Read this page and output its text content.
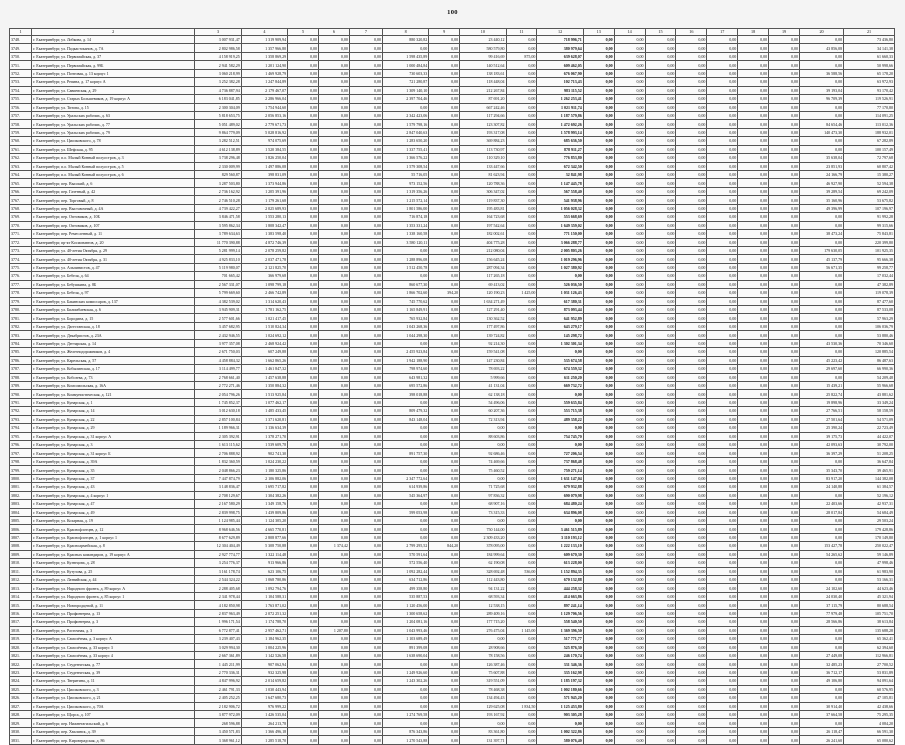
100
1	2	3	4	5	6	7	8	9	10	11	12	13	14	15	16	17	18	19	20	21
3748.	г. Екатеринбург, ул. Лобкова, д. 14	3 007 931,47	1 319 909,94	0,00	0,00	0,00	880 320,82	0,00	23 440,12	0,00	718 996,71	0,00	0,00	0,00	0,00	0,00	0,00	0,00	0,00	73 436,80
3749.	г. Екатеринбург, ул. Подкастоканов, д. 7А	2 802 986,58	1 357 966,80	0,00	0,00	0,00	0,00	0,00	580 579,80	0,00	380 979,64	0,00	0,00	0,00	0,00	0,00	0,00	0,00	43 856,08	34 141,38
3750.	г. Екатеринбург, ул. Первомайская, д. 37	4 158 919,25	1 358 869,29	0,00	0,00	0,00	1 598 435,89	0,00	99 416,69	875,00	639 628,07	0,00	0,00	0,00	0,00	0,00	0,00	0,00	0,00	61 660,33
3751.	г. Екатеринбург, ул. Первомайская, д. 99Б	2 941 582,29	1 201 124,90	0,00	0,00	0,00	1 000 484,84	0,00	140 512,64	0,00	609 462,05	0,00	0,00	0,00	0,00	0,00	0,00	0,00	0,00	50 998,66
3752.	г. Екатеринбург, ул. Почтовая, д. 13 корпус 1	3 060 218,99	1 469 928,79	0,00	0,00	0,00	730 603,33	0,00	138 183,61	0,00	676 067,90	0,00	0,00	0,00	0,00	0,00	0,00	0,00	36 588,56	65 178,20
3753.	г. Екатеринбург, ул. Репина, д. 17 корпус А	3 252 382,28	1 247 844,89	0,00	0,00	0,00	721 280,87	0,00	118 448,04	0,00	102 713,43	0,00	0,00	0,00	0,00	0,00	0,00	0,00	0,00	63 972,93
3754.	г. Екатеринбург, ул. Савиевская, д. 29	4 736 887,94	2 179 467,07	0,00	0,00	0,00	1 309 140,10	0,00	212 267,84	0,00	983 115,52	0,00	0,00	0,00	0,00	0,00	0,00	0,00	39 193,04	93 170,42
3755.	г. Екатеринбург, ул. Старых Большевиков, д. 19 корпус А	6 183 041,85	2 286 966,04	0,00	0,00	0,00	2 397 704,46	0,00	87 691,20	0,00	1 262 253,41	0,00	0,00	0,00	0,00	0,00	0,00	0,00	96 709,39	119 526,91
3756.	г. Екатеринбург, ул. Титова, д. 15	2 300 304,09	1 754 944,60	0,00	0,00	0,00	0,00	0,00	667 242,46	0,00	1 021 911,74	0,00	0,00	0,00	0,00	0,00	0,00	0,00	0,00	77 170,80
3757.	г. Екатеринбург, ул. Уральских рабочих, д. 63	5 818 653,75	2 056 853,16	0,00	0,00	0,00	2 342 423,06	0,00	117 294,66	0,00	1 187 579,86	0,00	0,00	0,00	0,00	0,00	0,00	0,00	0,00	114 091,25
3758.	г. Екатеринбург, ул. Уральских рабочих, д. 77	5 051 489,02	2 779 671,73	0,00	0,00	0,00	1 579 798,16	0,00	123 307,82	0,00	1 472 692,26	0,00	0,00	0,00	0,00	0,00	0,00	0,00	84 654,46	113 012,36
3759.	г. Екатеринбург, ул. Уральских рабочих, д. 79	9 864 779,09	5 028 816,92	0,00	0,00	0,00	2 847 040,63	0,00	193 317,08	0,00	1 578 993,14	0,00	0,00	0,00	0,00	0,00	0,00	0,00	140 473,30	188 932,01
3760.	г. Екатеринбург, ул. Циолковского, д. 78	3 282 512,51	974 075,69	0,00	0,00	0,00	1 283 650,20	0,00	369 884,23	0,00	685 636,50	0,00	0,00	0,00	0,00	0,00	0,00	0,00	0,00	67 282,89
3761.	г. Екатеринбург, ул. Шефская, д. 95	4 612 138,89	1 520 384,55	0,00	0,00	0,00	1 337 755,41	0,00	113 730,97	0,00	878 911,27	0,00	0,00	0,00	0,00	0,00	0,00	0,00	0,00	100 157,49
3762.	г. Екатеринбург, п.о. Малый Конный полуостров, д. 3	3 738 296,48	1 826 250,04	0,00	0,00	0,00	1 366 576,22	0,00	110 329,10	0,00	776 853,80	0,00	0,00	0,00	0,00	0,00	0,00	0,00	35 638,04	72 797,68
3763.	г. Екатеринбург, п.о. Малый Конный полуостров, д. 5	2 330 009,99	1 497 886,08	0,00	0,00	0,00	1 579 308,54	0,00	133 447,66	0,00	672 342,50	0,00	0,00	0,00	0,00	0,00	0,00	0,00	23 851,93	60 807,42
3764.	г. Екатеринбург, п.о. Малый Конный полуостров, д. 6	829 560,87	398 831,09	0,00	0,00	0,00	55 716,05	0,00	81 623,94	0,00	32 841,98	0,00	0,00	0,00	0,00	0,00	0,00	0,00	24 166,79	15 380,27
3765.	г. Екатеринбург, пер. Высокий, д. 6	3 287 503,80	1 373 944,86	0,00	0,00	0,00	973 152,56	0,00	120 788,36	0,00	1 147 445,78	0,00	0,00	0,00	0,00	0,00	0,00	0,00	46 927,90	52 594,38
3766.	г. Екатеринбург, пер. Газетный, д. 42	2 736 162,92	1 205 391,96	0,00	0,00	0,00	1 319 356,26	0,00	306 347,02	0,00	567 558,40	0,00	0,00	0,00	0,00	0,00	0,00	0,00	39 289,54	69 242,09
3767.	г. Екатеринбург, пер. Торговый, д. 8	2 746 510,28	1 179 261,68	0,00	0,00	0,00	1 215 572,14	0,00	119 837,30	0,00	541 938,96	0,00	0,00	0,00	0,00	0,00	0,00	0,00	35 160,96	53 675,82
3768.	г. Екатеринбург, пер. Выставочный, д. 4А	4 739 422,27	2 025 689,93	0,00	0,00	0,00	1 801 586,00	0,00	195 483,81	0,00	1 056 028,32	0,00	0,00	0,00	0,00	0,00	0,00	0,00	49 396,99	107 196,97
3769.	г. Екатеринбург, пер. Оптовиков, д. 10Б	3 846 471,58	1 553 280,13	0,00	0,00	0,00	716 874,18	0,00	164 723,68	0,00	553 668,69	0,00	0,00	0,00	0,00	0,00	0,00	0,00	0,00	91 992,28
3770.	г. Екатеринбург, пер. Оптовиков, д. 107	3 595 862,34	1 808 342,47	0,00	0,00	0,00	1 353 331,24	0,00	197 542,64	0,00	1 649 359,02	0,00	0,00	0,00	0,00	0,00	0,00	0,00	0,00	99 315,66
3771.	г. Екатеринбург, пер. Ремесленный, д. 11	3 789 634,63	1 383 598,40	0,00	0,00	0,00	1 338 160,58	0,00	182 002,61	0,00	771 150,00	0,00	0,00	0,00	0,00	0,00	0,00	0,00	38 473,24	75 843,81
3772.	г. Екатеринбург, пр-кт Космонавтов, д. 20	11 770 390,88	4 872 746,39	0,00	0,00	0,00	3 580 120,11	0,00	404 775,28	0,00	3 066 288,77	0,00	0,00	0,00	0,00	0,00	0,00	0,00	0,00	220 399,80
3773.	г. Екатеринбург, ул. 40-летия Октября, д. 29	5 281 999,14	2 078 259,82	0,00	0,00	0,00	0,00	0,00	212 080,04	0,00	2 005 803,26	0,00	0,00	0,00	0,00	0,00	0,00	0,00	179 630,05	101 925,35
3774.	г. Екатеринбург, ул. 40-летия Октября, д. 31	4 925 833,10	2 037 471,78	0,00	0,00	0,00	1 288 896,08	0,00	156 645,24	0,00	1 019 296,96	0,00	0,00	0,00	0,00	0,00	0,00	0,00	45 137,79	95 666,38
3775.	г. Екатеринбург, ул. Альпинистов, д. 47	5 119 980,07	2 121 825,70	0,00	0,00	0,00	1 512 450,78	0,00	287 094,34	0,00	1 027 380,92	0,00	0,00	0,00	0,00	0,00	0,00	0,00	56 671,35	99 258,77
3776.	г. Екатеринбург, ул. Бебеля, д. 64	701 665,42	366 979,68	0,00	0,00	0,00	0,00	0,00	117 265,18	0,00	0,00	0,00	0,00	0,00	0,00	0,00	0,00	0,00	0,00	17 032,44
3777.	г. Екатеринбург, ул. Бебушкина, д. 8Б	2 567 331,07	1 098 799,18	0,00	0,00	0,00	860 677,30	0,00	69 413,02	0,00	526 036,50	0,00	0,00	0,00	0,00	0,00	0,00	0,00	0,00	47 382,89
3778.	г. Екатеринбург, ул. Бебеля, д. 97	5 799 669,60	2 466 742,89	0,00	0,00	0,00	1 866 702,60	394,20	120 190,23	1 425,00	1 031 126,43	0,00	0,00	0,00	0,00	0,00	0,00	0,00	0,00	119 078,39
3779.	г. Екатеринбург, ул. Бакинских комиссаров, д. 137	4 382 539,02	1 314 620,43	0,00	0,00	0,00	745 770,62	0,00	1 634 271,49	0,00	617 380,31	0,00	0,00	0,00	0,00	0,00	0,00	0,00	0,00	87 477,60
3780.	г. Екатеринбург, ул. Билимбаевская, д. 6	3 945 909,31	1 781 162,75	0,00	0,00	0,00	1 165 849,91	0,00	127 291,40	0,00	873 093,44	0,00	0,00	0,00	0,00	0,00	0,00	0,00	0,00	87 533,08
3781.	г. Екатеринбург, ул. Бородина, д. 15	2 577 601,66	1 021 417,45	0,00	0,00	0,00	765 932,84	0,00	130 362,52	0,00	641 952,89	0,00	0,00	0,00	0,00	0,00	0,00	0,00	0,00	57 963,29
3782.	г. Екатеринбург, ул. Дагестанская, д. 18	3 457 682,95	1 510 824,34	0,00	0,00	0,00	1 043 268,36	0,00	177 497,86	0,00	643 279,17	0,00	0,00	0,00	0,00	0,00	0,00	0,00	0,00	106 036,79
3783.	г. Екатеринбург, ул. Декабристов, д. 23А	2 432 946,55	1 024 692,12	0,00	0,00	0,00	1 044 298,30	0,00	139 724,82	0,00	145 298,72	0,00	0,00	0,00	0,00	0,00	0,00	0,00	0,00	53 880,46
3784.	г. Екатеринбург, ул. Дегтярская, д. 14	3 977 357,08	2 468 924,42	0,00	0,00	0,00	0,00	0,00	92 214,30	0,00	1 302 301,34	0,00	0,00	0,00	0,00	0,00	0,00	0,00	43 530,36	70 346,60
3785.	г. Екатеринбург, ул. Железнодорожников, д. 4	2 671 750,03	607 249,88	0,00	0,00	0,00	2 455 923,84	0,00	159 541,08	0,00	0,00	0,00	0,00	0,00	0,00	0,00	0,00	0,00	0,00	120 885,54
3786.	г. Екатеринбург, ул. Карельская, д. 57	4 458 884,32	1 662 865,26	0,00	0,00	0,00	1 942 188,90	0,00	147 230,84	0,00	535 674,58	0,00	0,00	0,00	0,00	0,00	0,00	0,00	45 223,42	86 487,63
3787.	г. Екатеринбург, ул. Кобылинская, д. 17	3 114 499,77	1 461 847,32	0,00	0,00	0,00	798 974,60	0,00	78 693,22	0,00	674 559,32	0,00	0,00	0,00	0,00	0,00	0,00	0,00	29 697,60	66 990,36
3788.	г. Екатеринбург, ул. Кобозева, д. 73	2 768 661,40	1 457 638,88	0,00	0,00	0,00	643 981,32	0,00	5 999,66	0,00	611 250,20	0,00	0,00	0,00	0,00	0,00	0,00	0,00	0,00	54 209,48
3789.	г. Екатеринбург, ул. Комсомольская, д. 16А	2 772 271,46	1 350 884,32	0,00	0,00	0,00	695 572,86	0,00	41 131,04	0,00	669 732,72	0,00	0,00	0,00	0,00	0,00	0,00	0,00	15 439,21	55 966,68
3790.	г. Екатеринбург, ул. Коммунистическая, д. 121	2 054 796,26	1 513 925,84	0,00	0,00	0,00	398 018,88	0,00	62 138,18	0,00	0,00	0,00	0,00	0,00	0,00	0,00	0,00	0,00	25 822,74	43 881,62
3791.	г. Екатеринбург, ул. Кунарская, д. 1	1 745 852,37	1 077 462,17	0,00	0,00	0,00	0,00	0,00	54 496,06	0,00	559 635,84	0,00	0,00	0,00	0,00	0,00	0,00	0,00	19 898,96	33 349,24
3792.	г. Екатеринбург, ул. Кунарская, д. 14	3 012 630,18	1 485 433,45	0,00	0,00	0,00	809 479,32	0,00	60 207,36	0,00	553 715,38	0,00	0,00	0,00	0,00	0,00	0,00	0,00	27 766,51	58 158,59
3793.	г. Екатеринбург, ул. Кунарская, д. 22	2 857 100,84	1 371 620,81	0,00	0,00	0,00	843 148,04	0,00	72 313,94	0,00	489 358,22	0,00	0,00	0,00	0,00	0,00	0,00	0,00	27 501,64	54 571,09
3794.	г. Екатеринбург, ул. Кунарская, д. 29	1 189 966,31	1 136 634,39	0,00	0,00	0,00	0,00	0,00	0,00	0,00	0,00	0,00	0,00	0,00	0,00	0,00	0,00	0,00	25 390,24	22 723,49
3795.	г. Екатеринбург, ул. Кунарская, д. 31 корпус А	2 305 392,91	1 378 271,70	0,00	0,00	0,00	0,00	0,00	88 603,86	0,00	754 745,70	0,00	0,00	0,00	0,00	0,00	0,00	0,00	39 175,73	44 422,07
3796.	г. Екатеринбург, ул. Кунарская, д. 3	1 613 115,62	1 539 609,78	0,00	0,00	0,00	0,00	0,00	0,00	0,00	0,00	0,00	0,00	0,00	0,00	0,00	0,00	0,00	42 093,63	30 792,00
3797.	г. Екатеринбург, ул. Кунарская, д. 31 корпус Б	2 706 888,92	902 741,30	0,00	0,00	0,00	891 757,30	0,00	92 686,46	0,00	727 206,54	0,00	0,00	0,00	0,00	0,00	0,00	0,00	36 397,29	51 208,25
3798.	г. Екатеринбург, ул. Кунарская, д. 39А	1 832 360,59	1 024 230,22	0,00	0,00	0,00	0,00	0,00	74 469,66	0,00	737 868,48	0,00	0,00	0,00	0,00	0,00	0,00	0,00	0,00	36 647,84
3799.	г. Екатеринбург, ул. Кунарская, д. 35	2 048 866,23	1 180 325,86	0,00	0,00	0,00	0,00	0,00	75 460,52	0,00	759 271,14	0,00	0,00	0,00	0,00	0,00	0,00	0,00	35 343,70	39 465,91
3800.	г. Екатеринбург, ул. Кунарская, д. 37	7 447 874,79	2 106 882,06	0,00	0,00	0,00	2 347 772,64	0,00	0,00	0,00	1 631 147,04	0,00	0,00	0,00	0,00	0,00	0,00	0,00	83 917,20	144 382,08
3801.	г. Екатеринбург, ул. Кунарская, д. 43	3 148 836,47	1 695 717,82	0,00	0,00	0,00	614 939,86	0,00	71 725,68	0,00	679 932,88	0,00	0,00	0,00	0,00	0,00	0,00	0,00	24 140,88	61 384,57
3802.	г. Екатеринбург, ул. Кунарская, д. 4 корпус 1	2 708 129,67	1 304 382,26	0,00	0,00	0,00	545 364,97	0,00	97 836,32	0,00	690 079,98	0,00	0,00	0,00	0,00	0,00	0,00	0,00	0,00	52 196,12
3803.	г. Екатеринбург, ул. Кунарская, д. 47	2 167 580,29	1 349 158,76	0,00	0,00	0,00	0,00	0,00	68 907,16	0,00	684 480,24	0,00	0,00	0,00	0,00	0,00	0,00	0,00	22 403,66	42 937,31
3804.	г. Екатеринбург, ул. Кунарская, д. 49	2 839 998,75	1 439 809,86	0,00	0,00	0,00	599 053,98	0,00	73 315,33	0,00	634 896,08	0,00	0,00	0,00	0,00	0,00	0,00	0,00	28 017,84	54 684,49
3805.	г. Екатеринбург, ул. Кохарная, д. 19	1 124 985,44	1 124 305,20	0,00	0,00	0,00	0,00	0,00	0,00	0,00	0,00	0,00	0,00	0,00	0,00	0,00	0,00	0,00	0,00	29 503,24
3806.	г. Екатеринбург, ул. Краснофлотцев, д. 12	8 968 646,56	4 665 770,81	0,00	0,00	0,00	0,00	0,00	750 144,00	0,00	3 461 515,89	0,00	0,00	0,00	0,00	0,00	0,00	0,00	0,00	179 428,86
3807.	г. Екатеринбург, ул. Краснофлотцев, д. 1 корпус 1	8 677 629,89	2 808 877,66	0,00	0,00	0,00	0,00	0,00	2 309 433,20	0,00	3 110 193,12	0,00	0,00	0,00	0,00	0,00	0,00	0,00	0,00	170 149,80
3808.	г. Екатеринбург, ул. Красноармейская, д. 8	12 304 404,49	5 308 750,88	0,00	1 374,42	0,00	2 799 295,52	844,20	378 095,00	0,00	1 222 133,10	0,00	0,00	0,00	0,00	0,00	0,00	0,00	153 427,78	250 022,47
3809.	г. Екатеринбург, ул. Красных командиров, д. 19 корпус А	2 927 774,77	1 322 114,48	0,00	0,00	0,00	570 591,64	0,00	184 999,64	0,00	609 670,30	0,00	0,00	0,00	0,00	0,00	0,00	0,00	54 265,62	59 146,89
3810.	г. Екатеринбург, ул. Кузнецова, д. 28	3 254 776,37	913 966,86	0,00	0,00	0,00	572 556,40	0,00	62 190,08	0,00	613 228,00	0,00	0,00	0,00	0,00	0,00	0,00	0,00	0,00	47 998,46
3811.	г. Екатеринбург, ул. Кутузова, д. 25	3 161 178,74	623 106,75	0,00	0,00	0,00	1 092 282,44	0,00	328 692,48	536,00	1 152 894,35	0,00	0,00	0,00	0,00	0,00	0,00	0,00	0,00	61 983,90
3812.	г. Екатеринбург, ул. Латвийская, д. 44	2 544 324,22	1 068 780,86	0,00	0,00	0,00	634 712,86	0,00	112 443,80	0,00	670 132,88	0,00	0,00	0,00	0,00	0,00	0,00	0,00	0,00	53 166,31
3813.	г. Екатеринбург, ул. Народного фронта, д. 89 корпус А	2 288 405,68	1 092 794,76	0,00	0,00	0,00	499 358,80	0,00	94 131,22	0,00	444 258,32	0,00	0,00	0,00	0,00	0,00	0,00	0,00	24 102,60	44 623,46
3814.	г. Екатеринбург, ул. Народного фронта, д. 85 корпус 1	2 341 978,44	1 104 588,31	0,00	0,00	0,00	535 887,53	0,00	68 593,34	0,00	414 663,86	0,00	0,00	0,00	0,00	0,00	0,00	0,00	24 030,40	45 321,94
3815.	г. Екатеринбург, ул. Новгородцевой, д. 11	4 182 850,98	1 763 871,02	0,00	0,00	0,00	1 120 456,00	0,00	12 538,15	0,00	897 241,14	0,00	0,00	0,00	0,00	0,00	0,00	0,00	37 115,79	80 688,54
3816.	г. Екатеринбург, ул. Профинтерна, д. 13	2 837 963,49	2 072 251,32	0,00	0,00	0,00	1 300 658,62	0,00	289 409,16	0,00	1 129 706,56	0,00	0,00	0,00	0,00	0,00	0,00	0,00	77 979,48	105 751,70
3817.	г. Екатеринбург, ул. Профинтерна, д. 3	1 996 171,54	1 174 788,70	0,00	0,00	0,00	1 204 081,16	0,00	177 715,20	0,00	558 540,50	0,00	0,00	0,00	0,00	0,00	0,00	0,00	28 566,86	38 613,84
3818.	г. Екатеринбург, ул. Расточная, д. 3	6 772 877,41	2 957 462,71	0,00	1 207,80	0,00	1 043 993,46	0,00	276 475,04	1 145,00	1 369 396,50	0,00	0,00	0,00	0,00	0,00	0,00	0,00	0,00	135 688,28
3819.	г. Екатеринбург, ул. Самолётная, д. 3 корпус А	3 239 407,43	1 184 962,35	0,00	0,00	0,00	1 103 689,49	0,00	0,00	0,00	517 771,77	0,00	0,00	0,00	0,00	0,00	0,00	0,00	0,00	65 362,41
3820.	г. Екатеринбург, ул. Самолётная, д. 33 корпус 3	3 029 994,30	1 004 225,96	0,00	0,00	0,00	891 399,08	0,00	28 908,66	0,00	525 876,30	0,00	0,00	0,00	0,00	0,00	0,00	0,00	0,00	62 394,60
3821.	г. Екатеринбург, ул. Самолётная, д. 33 корпус 4	2 667 361,89	1 142 526,58	0,00	0,00	0,00	1 638 690,04	0,00	78 158,56	0,00	246 170,74	0,00	0,00	0,00	0,00	0,00	0,00	0,00	27 449,08	112 966,81
3822.	г. Екатеринбург, ул. Студенческая, д. 77	1 445 211,99	907 062,94	0,00	0,00	0,00	0,00	0,00	126 387,46	0,00	331 346,36	0,00	0,00	0,00	0,00	0,00	0,00	0,00	32 485,23	27 700,52
3823.	г. Екатеринбург, ул. Студенческая, д. 39	2 770 336,31	932 325,98	0,00	0,00	0,00	1 249 926,60	0,00	75 607,88	0,00	335 162,98	0,00	0,00	0,00	0,00	0,00	0,00	0,00	36 712,17	53 831,89
3824.	г. Екатеринбург, ул. Тверитина, д. 11	4 847 996,92	2 014 659,82	0,00	0,00	0,00	1 243 302,26	0,00	319 551,09	0,00	1 185 197,32	0,00	0,00	0,00	0,00	0,00	0,00	0,00	49 106,80	94 091,64
3825.	г. Екатеринбург, ул. Циолковского, д. 3	2 461 791,33	1 030 443,94	0,00	0,00	0,00	0,00	0,00	78 468,38	0,00	1 002 180,66	0,00	0,00	0,00	0,00	0,00	0,00	0,00	0,00	60 576,95
3826.	г. Екатеринбург, ул. Циолковского, д. 21	2 405 252,25	1 647 680,73	0,00	0,00	0,00	0,00	0,00	134 494,43	0,00	571 945,20	0,00	0,00	0,00	0,00	0,00	0,00	0,00	0,00	47 105,81
3827.	г. Екатеринбург, ул. Циолковского, д. 70А	2 182 906,72	976 999,22	0,00	0,00	0,00	0,00	0,00	129 625,08	1 834,50	1 125 453,80	0,00	0,00	0,00	0,00	0,00	0,00	0,00	30 914,40	42 438,66
3828.	г. Екатеринбург, ул. Щорса, д. 107	3 877 972,09	1 426 535,04	0,00	0,00	0,00	1 274 769,58	0,00	193 167,92	0,00	903 305,28	0,00	0,00	0,00	0,00	0,00	0,00	0,00	37 664,58	75 295,35
3829.	г. Екатеринбург, пер. Нижнетагильский, д. 6	268 596,88	264 213,78	0,00	0,00	0,00	0,00	0,00	0,00	0,00	0,00	0,00	0,00	0,00	0,00	0,00	0,00	0,00	0,00	4 084,20
3830.	г. Екатеринбург, пер. Хвалинск, д. 39	3 450 571,83	1 366 496,18	0,00	0,00	0,00	876 343,86	0,00	83 361,80	0,00	1 002 322,86	0,00	0,00	0,00	0,00	0,00	0,00	0,00	26 118,47	66 591,30
3831.	г. Екатеринбург, пер. Кировградская, д. 86	3 368 961,12	1 285 518,70	0,00	0,00	0,00	1 270 543,88	0,00	131 397,71	0,00	580 076,40	0,00	0,00	0,00	0,00	0,00	0,00	0,00	26 241,60	65 080,62
